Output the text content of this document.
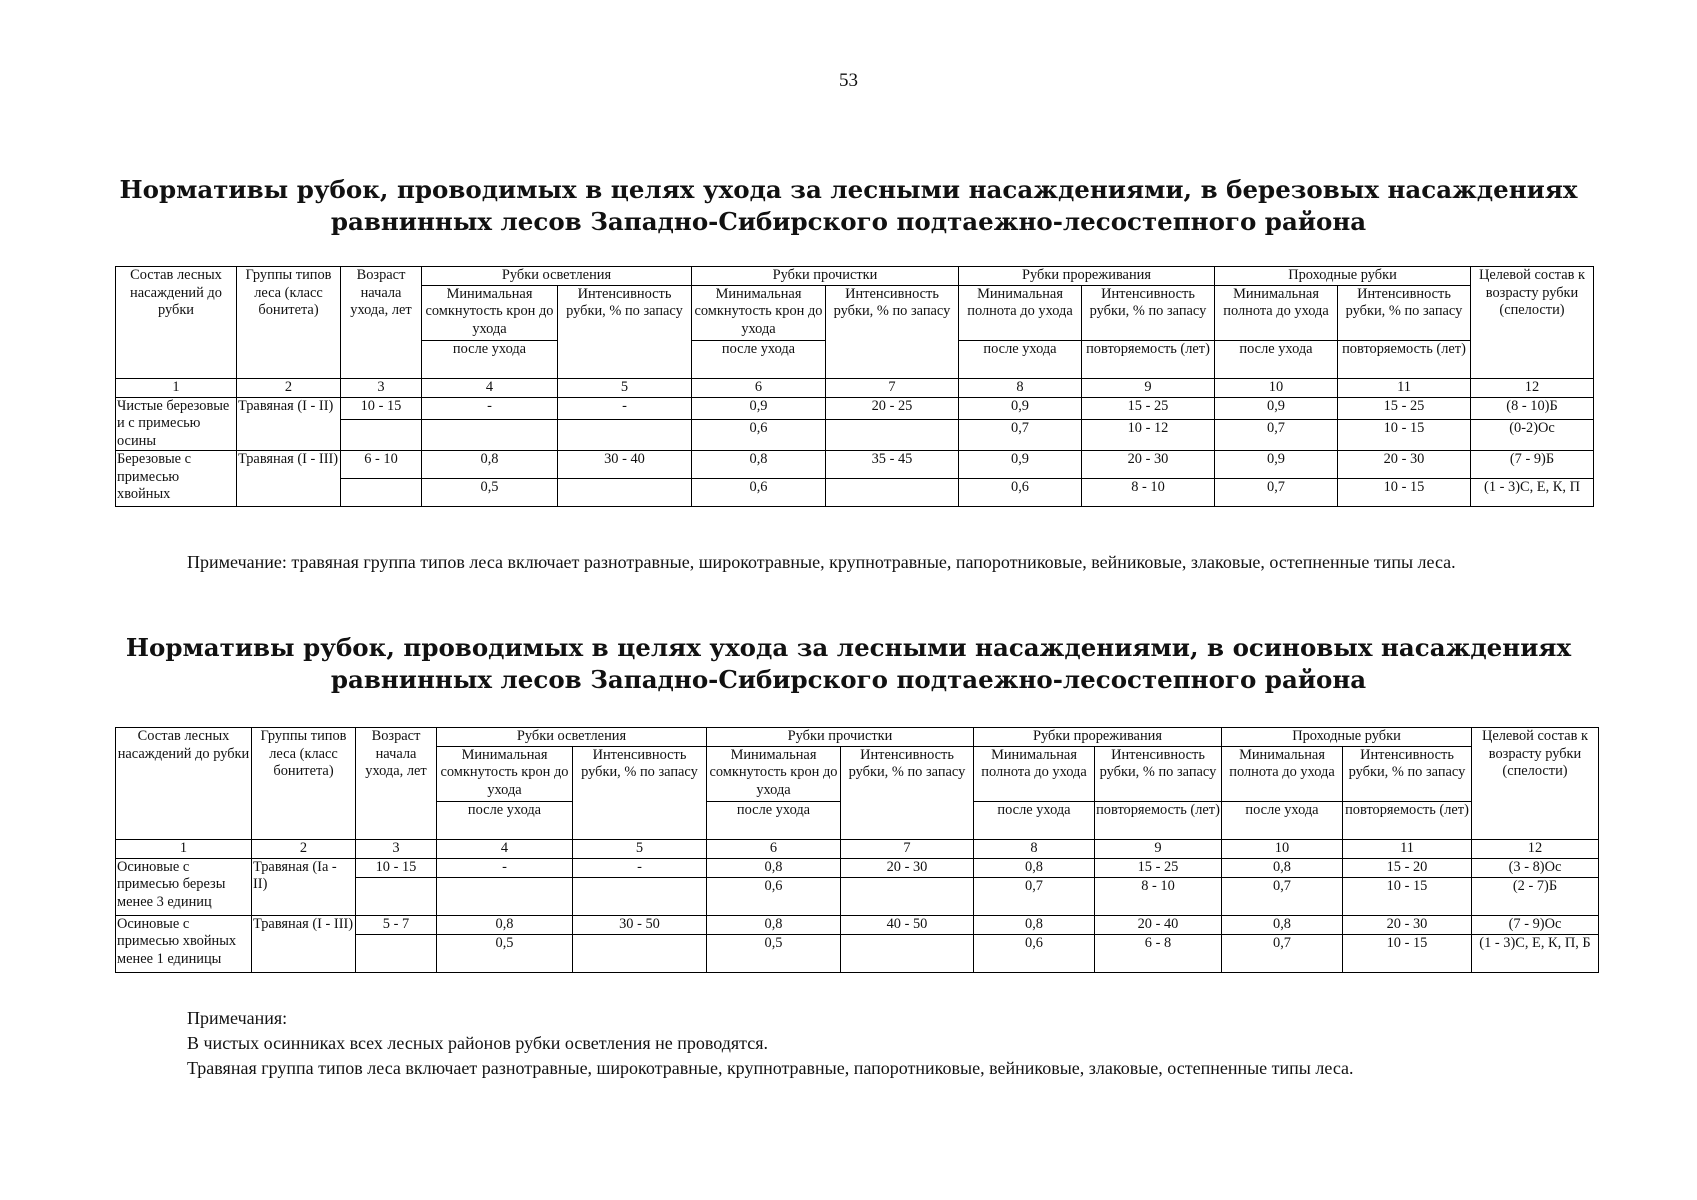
53
Нормативы рубок, проводимых в целях ухода за лесными насаждениями, в березовых насаждениях
равнинных лесов Западно-Сибирского подтаежно-лесостепного района
Состав лесных насаждений до рубки	Группы типов леса (класс бонитета)	Возраст начала ухода, лет	Рубки осветления		Рубки прочистки		Рубки прореживания		Проходные рубки		Целевой состав к возрасту рубки (спелости)
			Минимальная сомкнутость крон до ухода	Интенсивность рубки, % по запасу	Минимальная сомкнутость крон до ухода	Интенсивность рубки, % по запасу	Минимальная полнота до ухода	Интенсивность рубки, % по запасу	Минимальная полнота до ухода	Интенсивность рубки, % по запасу	
			после ухода		после ухода		после ухода	повторяемость (лет)	после ухода	повторяемость (лет)	
1	2	3	4	5	6	7	8	9	10	11	12
Чистые березовые и с примесью осины	Травяная (I - II)	10 - 15	-	-	0,9	20 - 25	0,9	15 - 25	0,9	15 - 25	(8 - 10)Б
					0,6		0,7	10 - 12	0,7	10 - 15	(0-2)Ос
Березовые с примесью хвойных	Травяная (I - III)	6 - 10	0,8	30 - 40	0,8	35 - 45	0,9	20 - 30	0,9	20 - 30	(7 - 9)Б
			0,5		0,6		0,6	8 - 10	0,7	10 - 15	(1 - 3)С, Е, К, П
Примечание: травяная группа типов леса включает разнотравные, широкотравные, крупнотравные, папоротниковые, вейниковые, злаковые, остепненные типы леса.
Нормативы рубок, проводимых в целях ухода за лесными насаждениями, в осиновых насаждениях
равнинных лесов Западно-Сибирского подтаежно-лесостепного района
Состав лесных насаждений до рубки	Группы типов леса (класс бонитета)	Возраст начала ухода, лет	Рубки осветления		Рубки прочистки		Рубки прореживания		Проходные рубки		Целевой состав к возрасту рубки (спелости)
			Минимальная сомкнутость крон до ухода	Интенсивность рубки, % по запасу	Минимальная сомкнутость крон до ухода	Интенсивность рубки, % по запасу	Минимальная полнота до ухода	Интенсивность рубки, % по запасу	Минимальная полнота до ухода	Интенсивность рубки, % по запасу	
			после ухода		после ухода		после ухода	повторяемость (лет)	после ухода	повторяемость (лет)	
1	2	3	4	5	6	7	8	9	10	11	12
Осиновые с примесью березы менее 3 единиц	Травяная (Iа - II)	10 - 15	-	-	0,8	20 - 30	0,8	15 - 25	0,8	15 - 20	(3 - 8)Ос
					0,6		0,7	8 - 10	0,7	10 - 15	(2 - 7)Б
Осиновые с примесью хвойных менее 1 единицы	Травяная (I - III)	5 - 7	0,8	30 - 50	0,8	40 - 50	0,8	20 - 40	0,8	20 - 30	(7 - 9)Ос
			0,5		0,5		0,6	6 - 8	0,7	10 - 15	(1 - 3)С, Е, К, П, Б
Примечания:
В чистых осинниках всех лесных районов рубки осветления не проводятся.
Травяная группа типов леса включает разнотравные, широкотравные, крупнотравные, папоротниковые, вейниковые, злаковые, остепненные типы леса.
